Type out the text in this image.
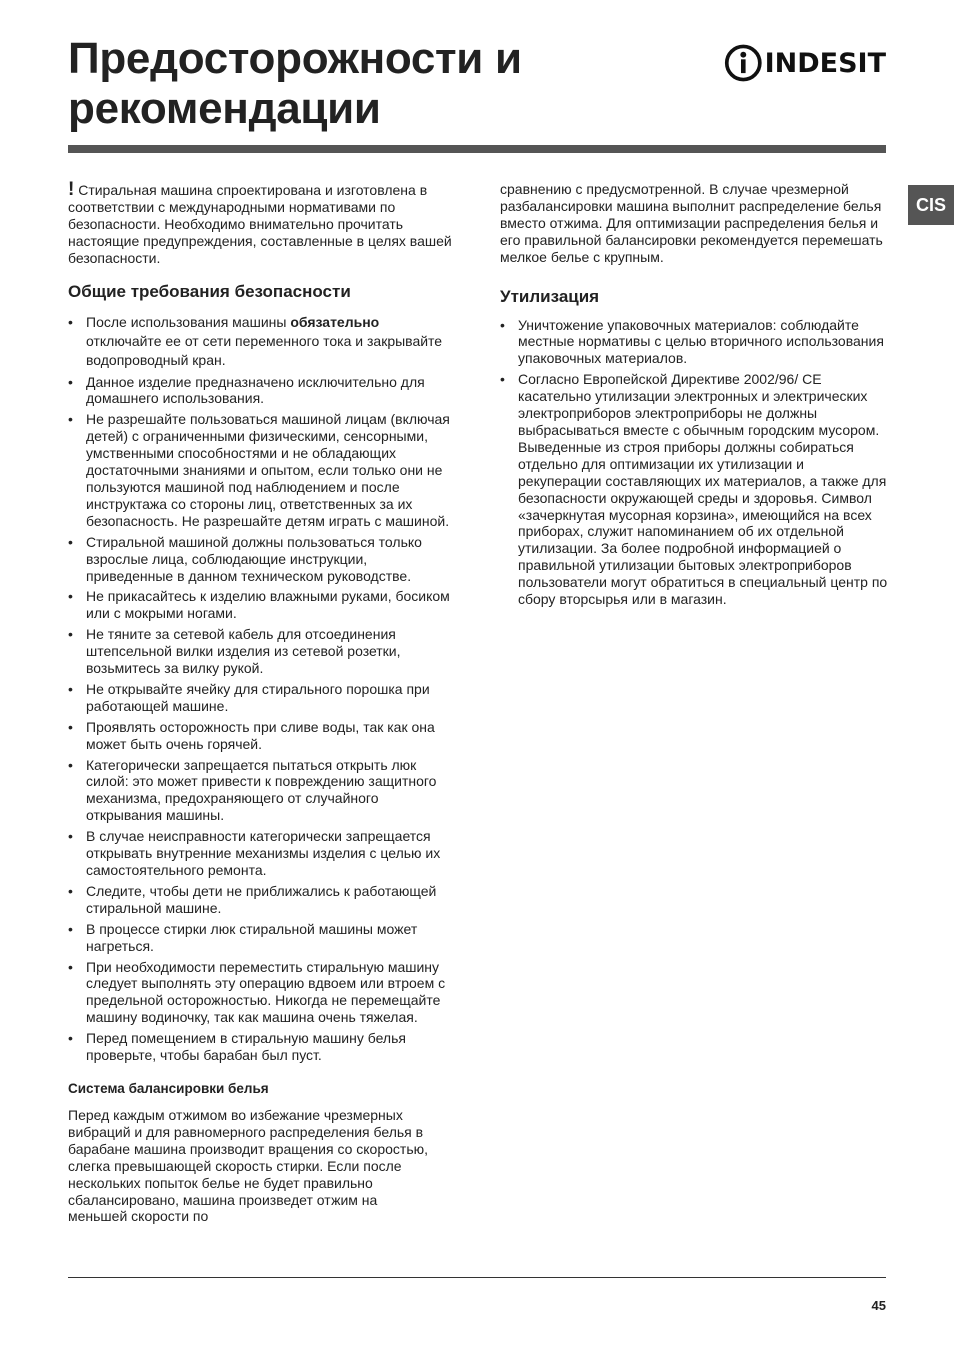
Предосторожности и
рекомендации
INDESIT
CIS

! Стиральная машина спроектирована и изготовлена в соответствии с международными нормативами по безопасности. Необходимо внимательно прочитать настоящие предупреждения, составленные в целях вашей безопасности.

Общие требования безопасности
• После использования машины обязательно отключайте ее от сети переменного тока и закрывайте водопроводный кран.
• Данное изделие предназначено исключительно для домашнего использования.
• Не разрешайте пользоваться машиной лицам (включая детей) с ограниченными физическими, сенсорными, умственными способностями и не обладающих достаточными знаниями и опытом, если только они не пользуются машиной под наблюдением и после инструктажа со стороны лиц, ответственных за их безопасность. Не разрешайте детям играть с машиной.
• Стиральной машиной должны пользоваться только взрослые лица, соблюдающие инструкции, приведенные в данном техническом руководстве.
• Не прикасайтесь к изделию влажными руками, босиком или с мокрыми ногами.
• Не тяните за сетевой кабель для отсоединения штепсельной вилки изделия из сетевой розетки, возьмитесь за вилку рукой.
• Не открывайте ячейку для стирального порошка при работающей машине.
• Проявлять осторожность при сливе воды, так как она может быть очень горячей.
• Категорически запрещается пытаться открыть люк силой: это может привести к повреждению защитного механизма, предохраняющего от случайного открывания машины.
• В случае неисправности категорически запрещается открывать внутренние механизмы изделия с целью их самостоятельного ремонта.
• Следите, чтобы дети не приближались к работающей стиральной машине.
• В процессе стирки люк стиральной машины может нагреться.
• При необходимости переместить стиральную машину следует выполнять эту операцию вдвоем или втроем с предельной осторожностью. Никогда не перемещайте машину водиночку, так как машина очень тяжелая.
• Перед помещением в стиральную машину белья проверьте, чтобы барабан был пуст.
Система балансировки белья

Перед каждым отжимом во избежание чрезмерных вибраций и для равномерного распределения белья в барабане машина производит вращения со скоростью, слегка превышающей скорость стирки. Если после нескольких попыток белье не будет правильно сбалансировано, машина произведет отжим на меньшей скорости по

сравнению с предусмотренной. В случае чрезмерной разбалансировки машина выполнит распределение белья вместо отжима. Для оптимизации распределения белья и его правильной балансировки рекомендуется перемешать мелкое белье с крупным.

Утилизация
• Уничтожение упаковочных материалов: соблюдайте местные нормативы с целью вторичного использования упаковочных материалов.
• Согласно Европейской Директиве 2002/96/ CE касательно утилизации электронных и электрических электроприборов электроприборы не должны выбрасываться вместе с обычным городским мусором. Выведенные из строя приборы должны собираться отдельно для оптимизации их утилизации и рекуперации составляющих их материалов, а также для безопасности окружающей среды и здоровья. Символ «зачеркнутая мусорная корзина», имеющийся на всех приборах, служит напоминанием об их отдельной утилизации. За более подробной информацией о правильной утилизации бытовых электроприборов пользователи могут обратиться в специальный центр по сбору вторсырья или в магазин.
45
